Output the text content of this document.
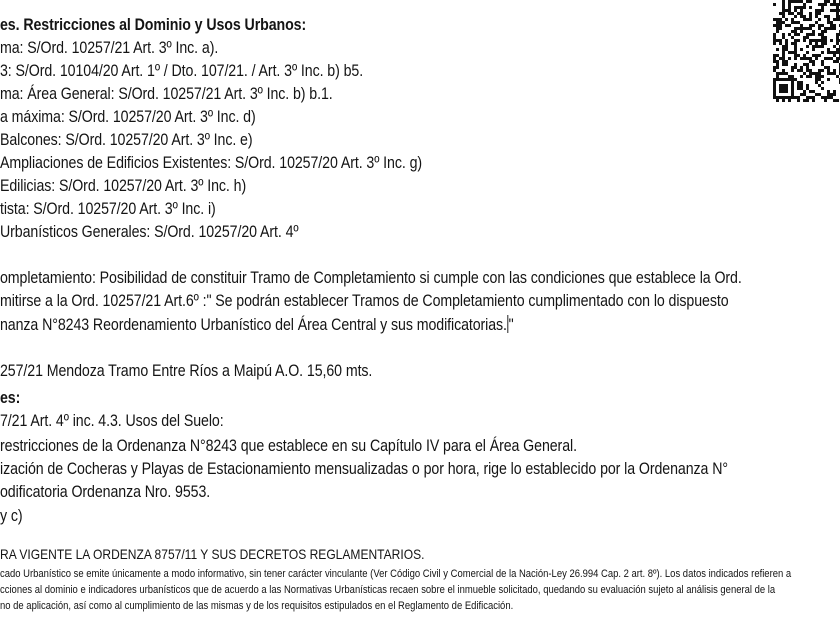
es. Restricciones al Dominio y Usos Urbanos:
ma: S/Ord. 10257/21 Art. 3º Inc. a).
3: S/Ord. 10104/20 Art. 1º / Dto. 107/21. / Art. 3º Inc. b) b5.
ma: Área General: S/Ord. 10257/21 Art. 3º Inc. b) b.1.
a máxima: S/Ord. 10257/20 Art. 3º Inc. d)
Balcones: S/Ord. 10257/20 Art. 3º Inc. e)
Ampliaciones de Edificios Existentes: S/Ord. 10257/20 Art. 3º Inc. g)
Edilicias: S/Ord. 10257/20 Art. 3º Inc. h)
tista: S/Ord. 10257/20 Art. 3º Inc. i)
Urbanísticos Generales: S/Ord. 10257/20 Art. 4º
ompletamiento: Posibilidad de constituir Tramo de Completamiento si cumple con las condiciones que establece la Ord.
mitirse a la Ord. 10257/21 Art.6º :" Se podrán establecer Tramos de Completamiento cumplimentado con lo dispuesto
nanza N°8243 Reordenamiento Urbanístico del Área Central y sus modificatorias. "
257/21 Mendoza Tramo Entre Ríos a Maipú A.O. 15,60 mts.
es:
7/21 Art. 4º inc. 4.3. Usos del Suelo:
restricciones de la Ordenanza N°8243 que establece en su Capítulo IV para el Área General.
ización de Cocheras y Playas de Estacionamiento mensualizadas o por hora, rige lo establecido por la Ordenanza N°
odificatoria Ordenanza Nro. 9553.
y c)
RA VIGENTE LA ORDENZA 8757/11 Y SUS DECRETOS REGLAMENTARIOS.
cado Urbanístico se emite únicamente a modo informativo, sin tener carácter vinculante (Ver Código Civil y Comercial de la Nación-Ley 26.994 Cap. 2 art. 8º). Los datos indicados refieren a
cciones al dominio e indicadores urbanísticos que de acuerdo a las Normativas Urbanísticas recaen sobre el inmueble solicitado, quedando su evaluación sujeto al análisis general de la
no de aplicación, así como al cumplimiento de las mismas y de los requisitos estipulados en el Reglamento de Edificación.
